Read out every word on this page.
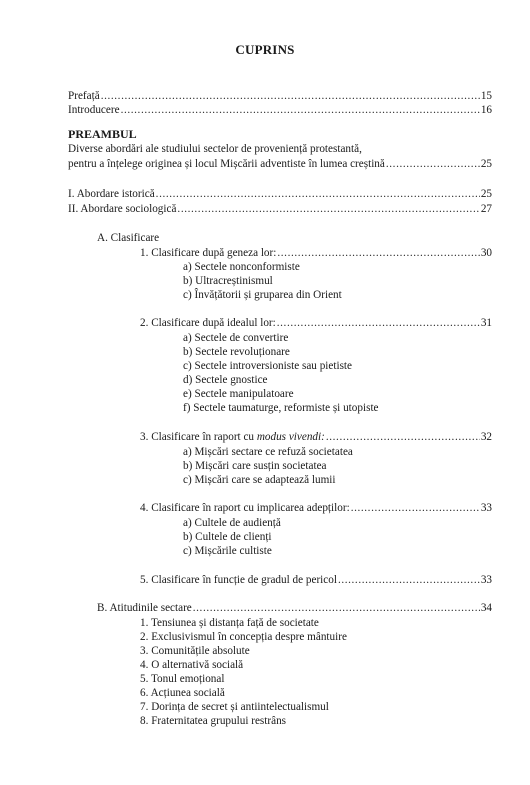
CUPRINS
Prefață .....	15
Introducere .....	16
PREAMBUL
Diverse abordări ale studiului sectelor de proveniență protestantă,
pentru a înțelege originea și locul Mișcării adventiste în lumea creștină .....	25
I. Abordare istorică .....	25
II. Abordare sociologică .....	27
A. Clasificare
1. Clasificare după geneza lor: .....	30
a) Sectele nonconformiste
b) Ultracreștinismul
c) Învățătorii și gruparea din Orient
2. Clasificare după idealul lor: .....	31
a) Sectele de convertire
b) Sectele revoluționare
c) Sectele introversioniste sau pietiste
d) Sectele gnostice
e) Sectele manipulatoare
f) Sectele taumaturge, reformiste și utopiste
3. Clasificare în raport cu modus vivendi: .....	32
a) Mișcări sectare ce refuză societatea
b) Mișcări care susțin societatea
c) Mișcări care se adaptează lumii
4. Clasificare în raport cu implicarea adepților: .....	33
a) Cultele de audiență
b) Cultele de clienți
c) Mișcările cultiste
5. Clasificare în funcție de gradul de pericol .....	33
B. Atitudinile sectare .....	34
1. Tensiunea și distanța față de societate
2. Exclusivismul în concepția despre mântuire
3. Comunitățile absolute
4. O alternativă socială
5. Tonul emoțional
6. Acțiunea socială
7. Dorința de secret și antiintelectualismul
8. Fraternitatea grupului restrâns
